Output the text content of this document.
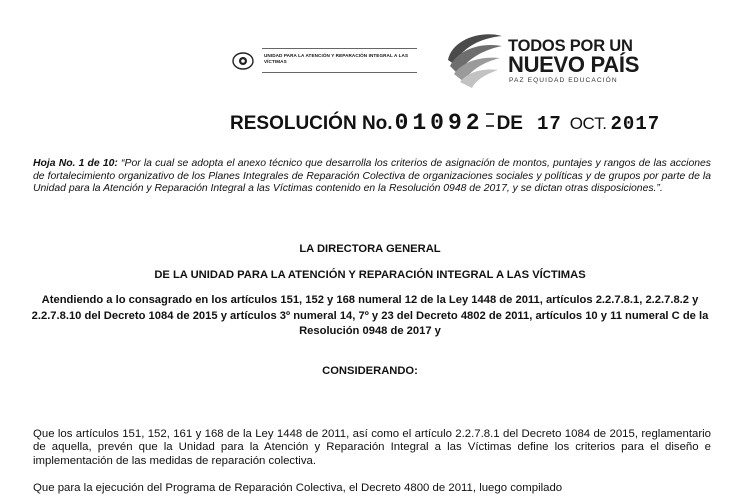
UNIDAD PARA LA ATENCIÓN Y REPARACIÓN INTEGRAL A LAS VÍCTIMAS
TODOS POR UN
NUEVO PAÍS
PAZ EQUIDAD EDUCACIÓN
RESOLUCIÓN No.01092 DE 17 OCT. 2017
Hoja No. 1 de 10: “Por la cual se adopta el anexo técnico que desarrolla los criterios de asignación de montos, puntajes y rangos de las acciones de fortalecimiento organizativo de los Planes Integrales de Reparación Colectiva de organizaciones sociales y políticas y de grupos por parte de la Unidad para la Atención y Reparación Integral a las Víctimas contenido en la Resolución 0948 de 2017, y se dictan otras disposiciones.”.
LA DIRECTORA GENERAL
DE LA UNIDAD PARA LA ATENCIÓN Y REPARACIÓN INTEGRAL A LAS VÍCTIMAS
Atendiendo a lo consagrado en los artículos 151, 152 y 168 numeral 12 de la Ley 1448 de 2011, artículos 2.2.7.8.1, 2.2.7.8.2 y 2.2.7.8.10 del Decreto 1084 de 2015 y artículos 3º numeral 14, 7º y 23 del Decreto 4802 de 2011, artículos 10 y 11 numeral C de la Resolución 0948 de 2017 y
CONSIDERANDO:
Que los artículos 151, 152, 161 y 168 de la Ley 1448 de 2011, así como el artículo 2.2.7.8.1 del Decreto 1084 de 2015, reglamentario de aquella, prevén que la Unidad para la Atención y Reparación Integral a las Víctimas define los criterios para el diseño e implementación de las medidas de reparación colectiva.
Que para la ejecución del Programa de Reparación Colectiva, el Decreto 4800 de 2011, luego compilado
